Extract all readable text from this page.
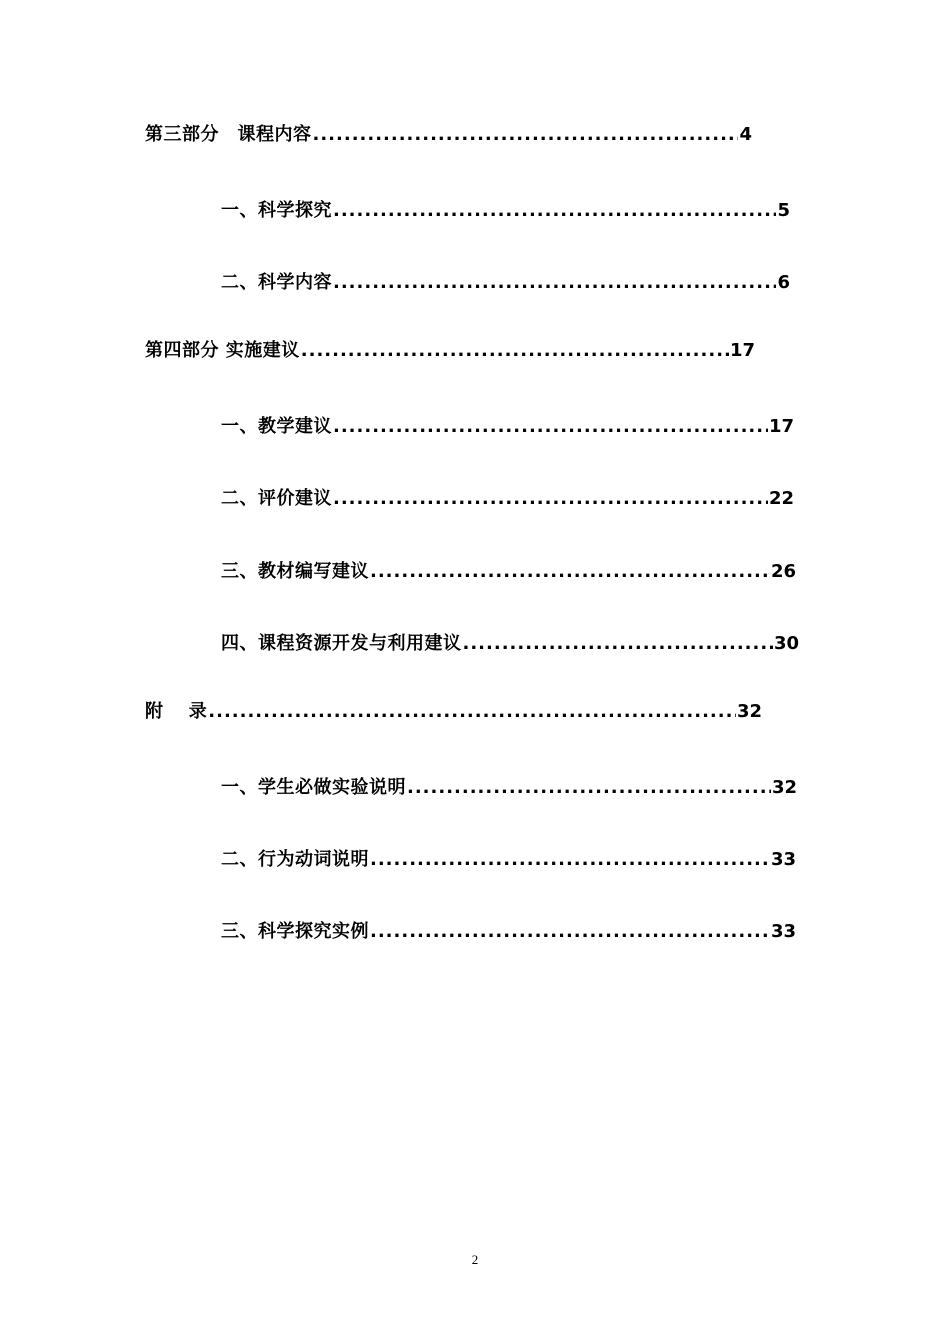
第三部分　课程内容 .....	4
一、科学探究 .....	5
二、科学内容 .....	6
第四部分 实施建议 .....	17
一、教学建议 .....	17
二、评价建议 .....	22
三、教材编写建议 .....	26
四、课程资源开发与利用建议 .....	30
附　 录 .....	32
一、学生必做实验说明 .....	32
二、行为动词说明 .....	33
三、科学探究实例 .....	33
2
